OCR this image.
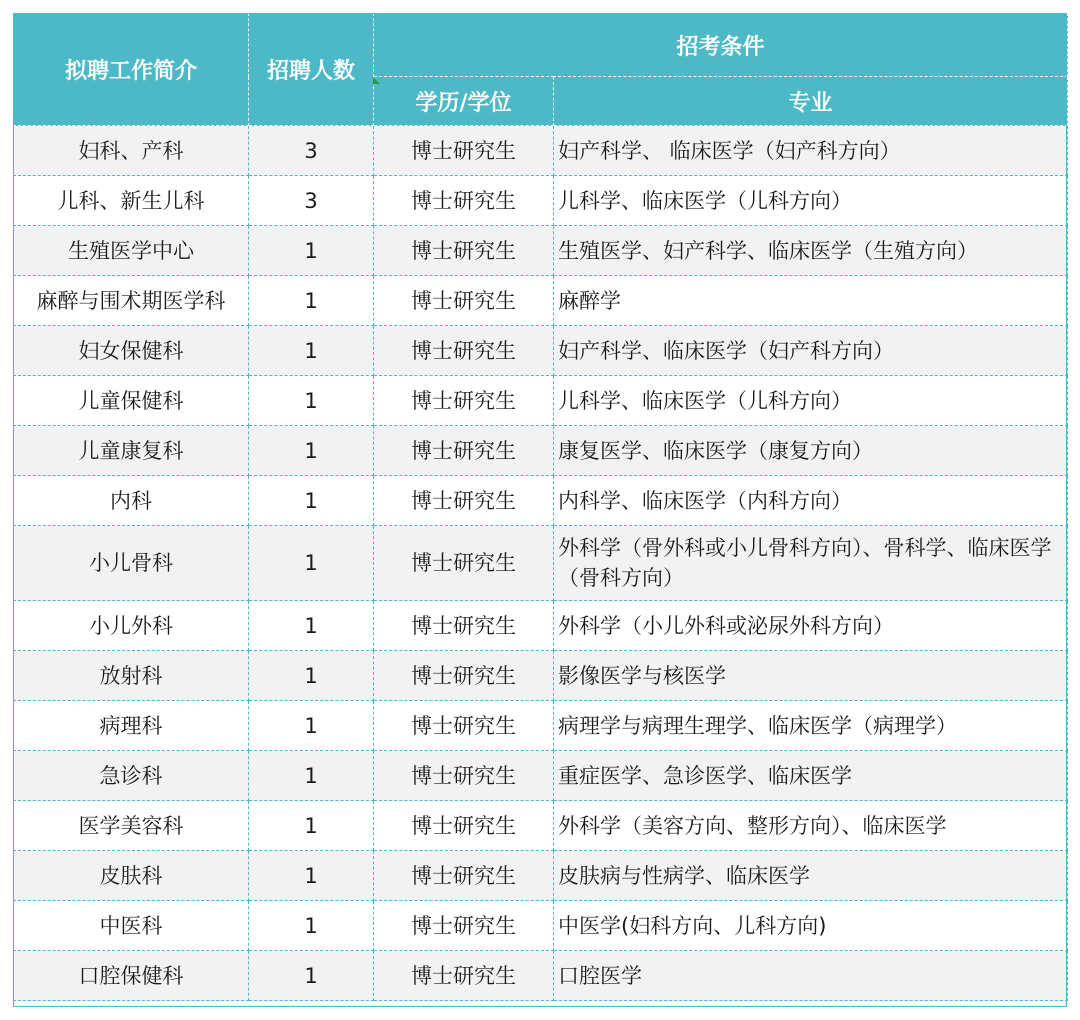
拟聘工作简介	招聘人数	招考条件	
		学历/学位	专业
妇科、产科	3	博士研究生	妇产科学、 临床医学（妇产科方向）
儿科、新生儿科	3	博士研究生	儿科学、临床医学（儿科方向）
生殖医学中心	1	博士研究生	生殖医学、妇产科学、临床医学（生殖方向）
麻醉与围术期医学科	1	博士研究生	麻醉学
妇女保健科	1	博士研究生	妇产科学、临床医学（妇产科方向）
儿童保健科	1	博士研究生	儿科学、临床医学（儿科方向）
儿童康复科	1	博士研究生	康复医学、临床医学（康复方向）
内科	1	博士研究生	内科学、临床医学（内科方向）
小儿骨科	1	博士研究生	外科学（骨外科或小儿骨科方向）、骨科学、临床医学（骨科方向）
小儿外科	1	博士研究生	外科学（小儿外科或泌尿外科方向）
放射科	1	博士研究生	影像医学与核医学
病理科	1	博士研究生	病理学与病理生理学、临床医学（病理学）
急诊科	1	博士研究生	重症医学、急诊医学、临床医学
医学美容科	1	博士研究生	外科学（美容方向、整形方向）、临床医学
皮肤科	1	博士研究生	皮肤病与性病学、临床医学
中医科	1	博士研究生	中医学(妇科方向、儿科方向)
口腔保健科	1	博士研究生	口腔医学
